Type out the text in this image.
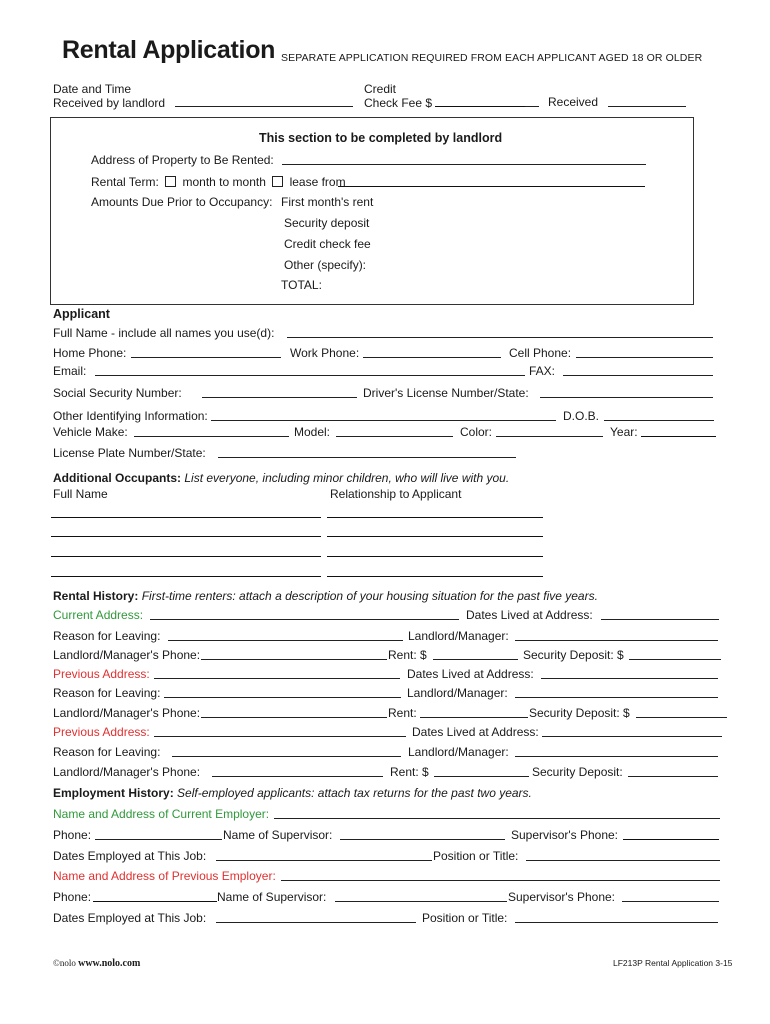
Rental Application SEPARATE APPLICATION REQUIRED FROM EACH APPLICANT AGED 18 OR OLDER
Date and Time
Received by landlord
Credit
Check Fee $	Received
This section to be completed by landlord
Address of Property to Be Rented:
Rental Term: month to month lease from
Amounts Due Prior to Occupancy: First month's rent
Security deposit
Credit check fee
Other (specify):
TOTAL:
Applicant
Full Name - include all names you use(d):
Home Phone:	Work Phone:	Cell Phone:
Email:	FAX:
Social Security Number:	Driver's License Number/State:
Other Identifying Information:	D.O.B.
Vehicle Make:	Model:	Color:	Year:
License Plate Number/State:
Additional Occupants: List everyone, including minor children, who will live with you.
Full Name	Relationship to Applicant
Rental History: First-time renters: attach a description of your housing situation for the past five years.
Current Address:	Dates Lived at Address:
Reason for Leaving:	Landlord/Manager:
Landlord/Manager's Phone:	Rent: $	Security Deposit: $
Previous Address:	Dates Lived at Address:
Reason for Leaving:	Landlord/Manager:
Landlord/Manager's Phone:	Rent:	Security Deposit: $
Previous Address:	Dates Lived at Address:
Reason for Leaving:	Landlord/Manager:
Landlord/Manager's Phone:	Rent: $	Security Deposit:
Employment History: Self-employed applicants: attach tax returns for the past two years.
Name and Address of Current Employer:
Phone:	Name of Supervisor:	Supervisor's Phone:
Dates Employed at This Job:	Position or Title:
Name and Address of Previous Employer:
Phone:	Name of Supervisor:	Supervisor's Phone:
Dates Employed at This Job:	Position or Title:
©nolo www.nolo.com	LF213P Rental Application 3-15
